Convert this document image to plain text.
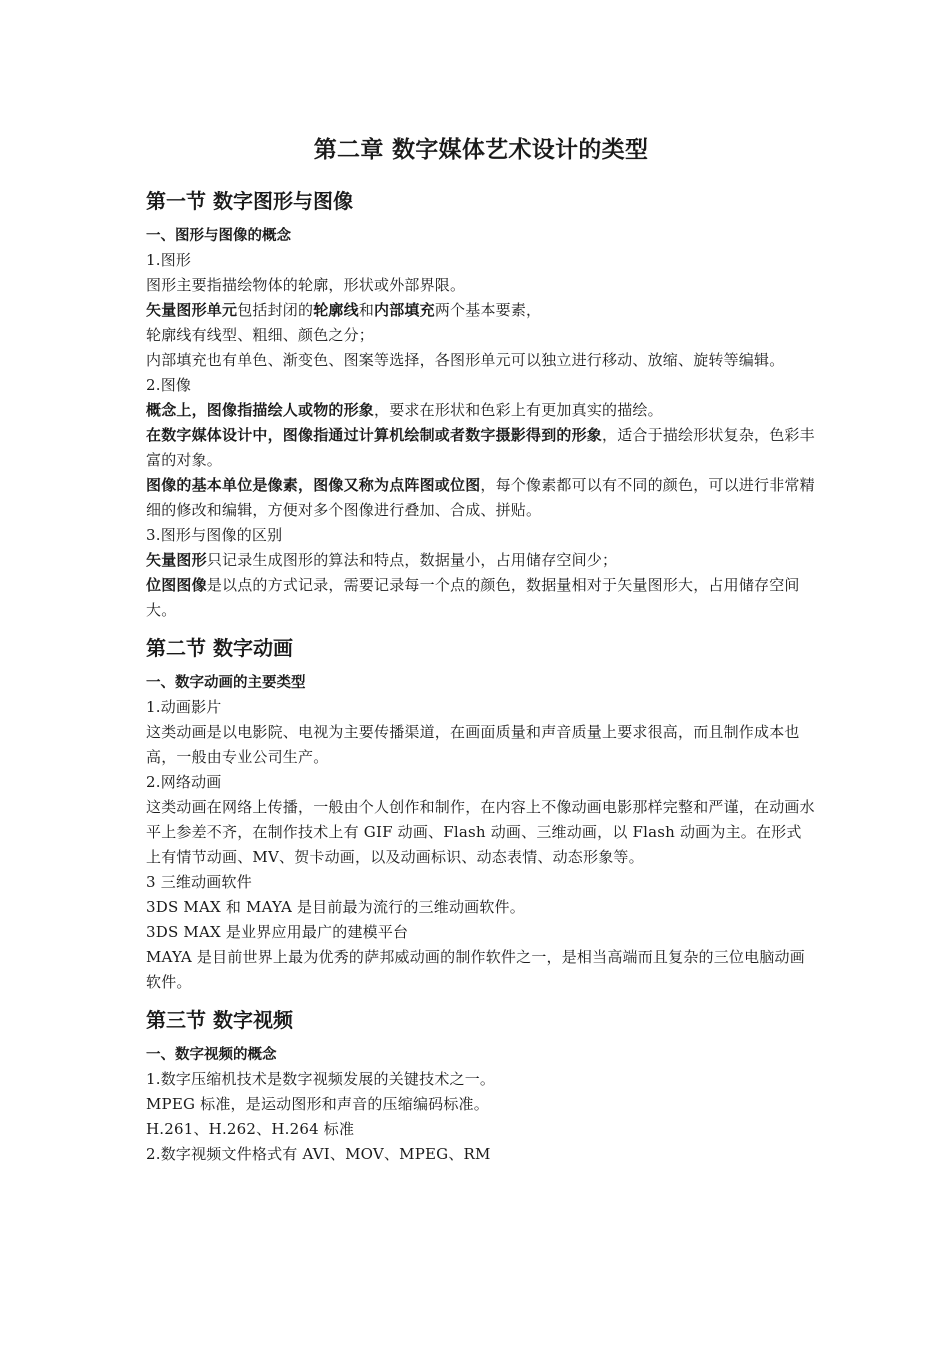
第二章 数字媒体艺术设计的类型
第一节 数字图形与图像
一、图形与图像的概念

1.图形

图形主要指描绘物体的轮廓，形状或外部界限。

矢量图形单元包括封闭的轮廓线和内部填充两个基本要素，

轮廓线有线型、粗细、颜色之分；

内部填充也有单色、渐变色、图案等选择，各图形单元可以独立进行移动、放缩、旋转等编辑。

2.图像

概念上，图像指描绘人或物的形象，要求在形状和色彩上有更加真实的描绘。

在数字媒体设计中，图像指通过计算机绘制或者数字摄影得到的形象，适合于描绘形状复杂，色彩丰富的对象。

图像的基本单位是像素，图像又称为点阵图或位图，每个像素都可以有不同的颜色，可以进行非常精细的修改和编辑，方便对多个图像进行叠加、合成、拼贴。

3.图形与图像的区别

矢量图形只记录生成图形的算法和特点，数据量小，占用储存空间少；

位图图像是以点的方式记录，需要记录每一个点的颜色，数据量相对于矢量图形大，占用储存空间大。

第二节 数字动画
一、数字动画的主要类型

1.动画影片

这类动画是以电影院、电视为主要传播渠道，在画面质量和声音质量上要求很高，而且制作成本也高，一般由专业公司生产。

2.网络动画

这类动画在网络上传播，一般由个人创作和制作，在内容上不像动画电影那样完整和严谨，在动画水平上参差不齐，在制作技术上有 GIF 动画、Flash 动画、三维动画，以 Flash 动画为主。在形式上有情节动画、MV、贺卡动画，以及动画标识、动态表情、动态形象等。

3 三维动画软件

3DS MAX 和 MAYA 是目前最为流行的三维动画软件。

3DS MAX 是业界应用最广的建模平台

MAYA 是目前世界上最为优秀的萨邦威动画的制作软件之一，是相当高端而且复杂的三位电脑动画软件。

第三节 数字视频
一、数字视频的概念

1.数字压缩机技术是数字视频发展的关键技术之一。

MPEG 标准，是运动图形和声音的压缩编码标准。

H.261、H.262、H.264 标准

2.数字视频文件格式有 AVI、MOV、MPEG、RM
